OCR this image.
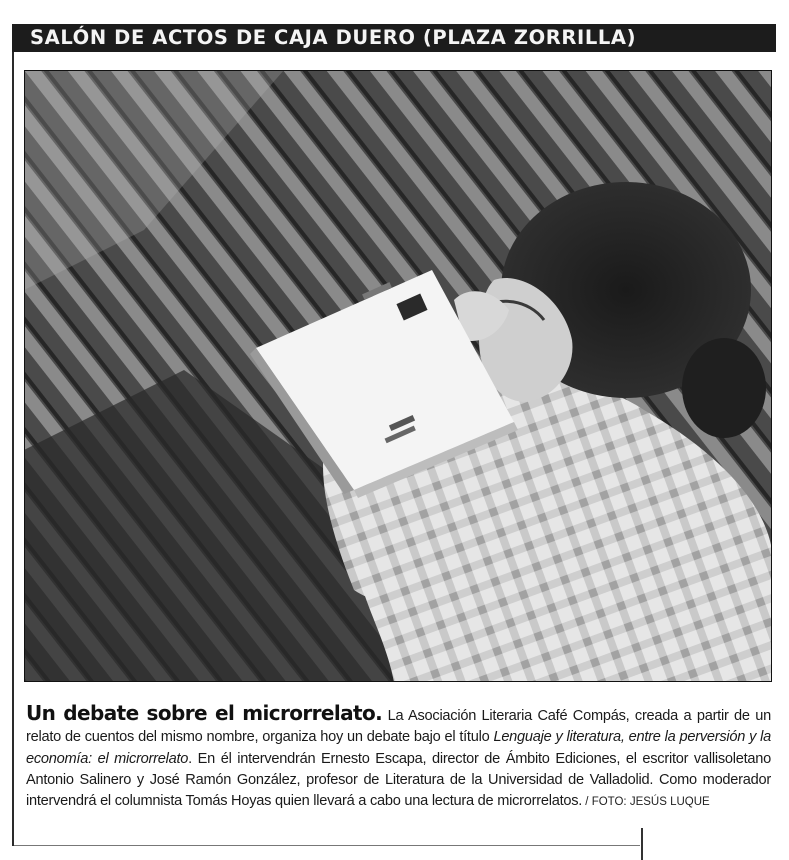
SALÓN DE ACTOS DE CAJA DUERO (PLAZA ZORRILLA)
Un debate sobre el microrrelato. La Asociación Literaria Café Compás, creada a partir de un relato de cuentos del mismo nombre, organiza hoy un debate bajo el título Lenguaje y literatura, entre la perversión y la economía: el microrrelato. En él intervendrán Ernesto Escapa, director de Ámbito Ediciones, el escritor vallisoletano Antonio Salinero y José Ramón González, profesor de Literatura de la Universidad de Valladolid. Como moderador intervendrá el columnista Tomás Hoyas quien llevará a cabo una lectura de microrrelatos. / FOTO: JESÚS LUQUE
